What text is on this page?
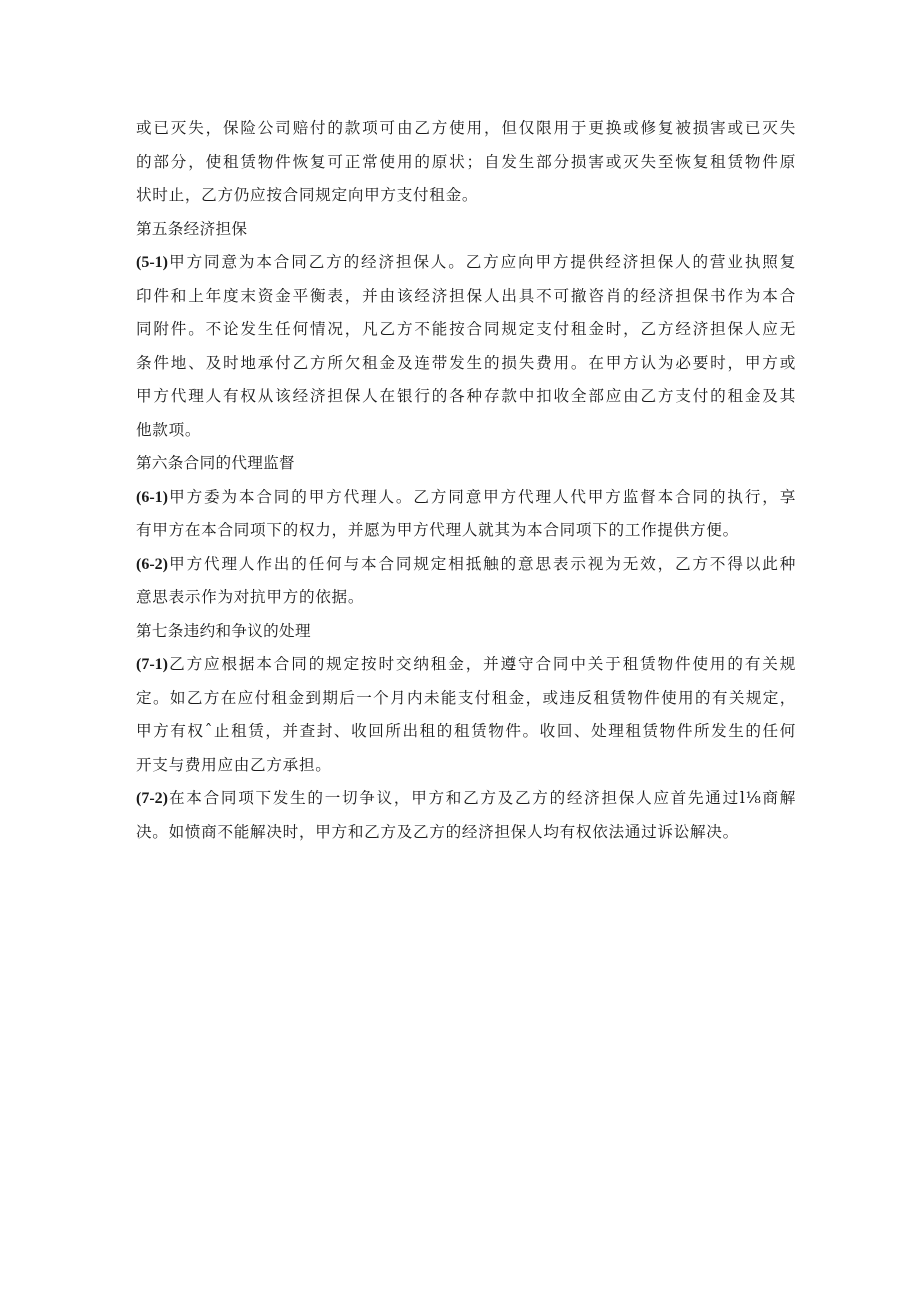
或已灭失，保险公司赔付的款项可由乙方使用，但仅限用于更换或修复被损害或已灭失
的部分，使租赁物件恢复可正常使用的原状；自发生部分损害或灭失至恢复租赁物件原
状时止，乙方仍应按合同规定向甲方支付租金。
第五条经济担保
(5-1)甲方同意为本合同乙方的经济担保人。乙方应向甲方提供经济担保人的营业执照复
印件和上年度末资金平衡表，并由该经济担保人出具不可撤咨肖的经济担保书作为本合
同附件。不论发生任何情况，凡乙方不能按合同规定支付租金时，乙方经济担保人应无
条件地、及时地承付乙方所欠租金及连带发生的损失费用。在甲方认为必要时，甲方或
甲方代理人有权从该经济担保人在银行的各种存款中扣收全部应由乙方支付的租金及其
他款项。
第六条合同的代理监督
(6-1)甲方委为本合同的甲方代理人。乙方同意甲方代理人代甲方监督本合同的执行，享
有甲方在本合同项下的权力，并愿为甲方代理人就其为本合同项下的工作提供方便。
(6-2)甲方代理人作出的任何与本合同规定相抵触的意思表示视为无效，乙方不得以此种
意思表示作为对抗甲方的依据。
第七条违约和争议的处理
(7-1)乙方应根据本合同的规定按时交纳租金，并遵守合同中关于租赁物件使用的有关规
定。如乙方在应付租金到期后一个月内未能支付租金，或违反租赁物件使用的有关规定，
甲方有权ˆ止租赁，并查封、收回所出租的租赁物件。收回、处理租赁物件所发生的任何
开支与费用应由乙方承担。
(7-2)在本合同项下发生的一切争议，甲方和乙方及乙方的经济担保人应首先通过l⅛商解
决。如愤商不能解决时，甲方和乙方及乙方的经济担保人均有权依法通过诉讼解决。
